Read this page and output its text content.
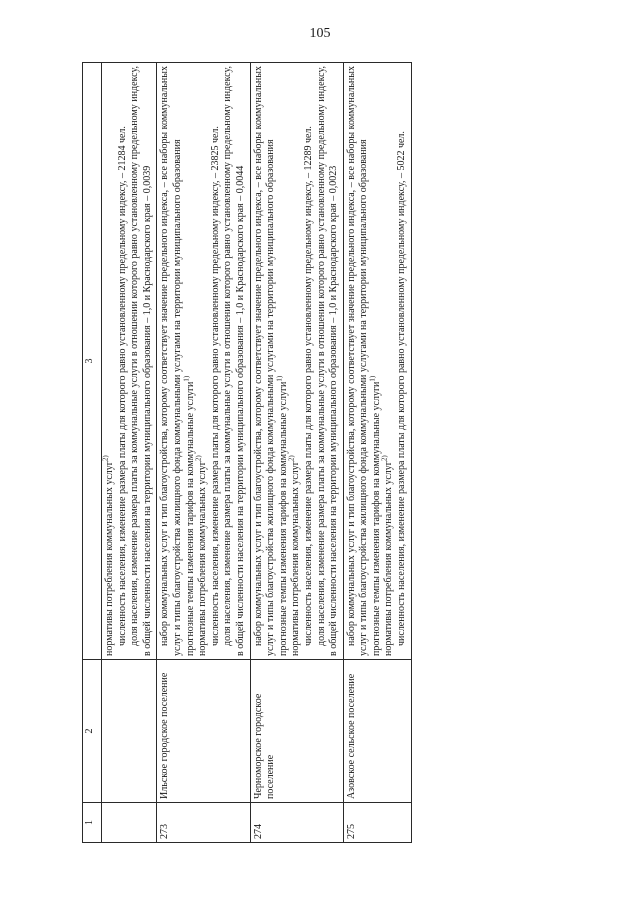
105
1	2	3

		нормативы потребления коммунальных услуг$^{2)}$ численность населения, изменение размера платы для которого равно установленному предельному индексу, – 21284 чел. доля населения, изменение размера платы за коммунальные услуги в отношении которого равно установленному предельному индексу, в общей численности населения на территории муниципального образования – 1,0 и Краснодарского края – 0,0039

273	Ильское городское поселение	набор коммунальных услуг и тип благоустройства, которому соответствует значение предельного индекса, – все наборы коммунальных услуг и типы благоустройства жилищного фонда коммунальными услугами на территории муниципального образования прогнозные темпы изменения тарифов на коммунальные услуги$^{1)}$

нормативы потребления коммунальных услуг$^{2)}$ численность населения, изменение размера платы для которого равно установленному предельному индексу, – 23825 чел. доля населения, изменение размера платы за коммунальные услуги в отношении которого равно установленному предельному индексу, в общей численности населения на территории муниципального образования – 1,0 и Краснодарского края – 0,0044

274	Черноморское городское поселение	набор коммунальных услуг и тип благоустройства, которому соответствует значение предельного индекса, – все наборы коммунальных услуг и типы благоустройства жилищного фонда коммунальными услугами на территории муниципального образования прогнозные темпы изменения тарифов на коммунальные услуги$^{1)}$

нормативы потребления коммунальных услуг$^{2)}$ численность населения, изменение размера платы для которого равно установленному предельному индексу, – 12289 чел. доля населения, изменение размера платы за коммунальные услуги в отношении которого равно установленному предельному индексу, в общей численности населения на территории муниципального образования – 1,0 и Краснодарского края – 0,0023

275	Азовское сельское поселение	набор коммунальных услуг и тип благоустройства, которому соответствует значение предельного индекса, – все наборы коммунальных услуг и типы благоустройства жилищного фонда коммунальными услугами на территории муниципального образования прогнозные темпы изменения тарифов на коммунальные услуги$^{1)}$

нормативы потребления коммунальных услуг$^{2)}$ численность населения, изменение размера платы для которого равно установленному предельному индексу, – 5022 чел.
